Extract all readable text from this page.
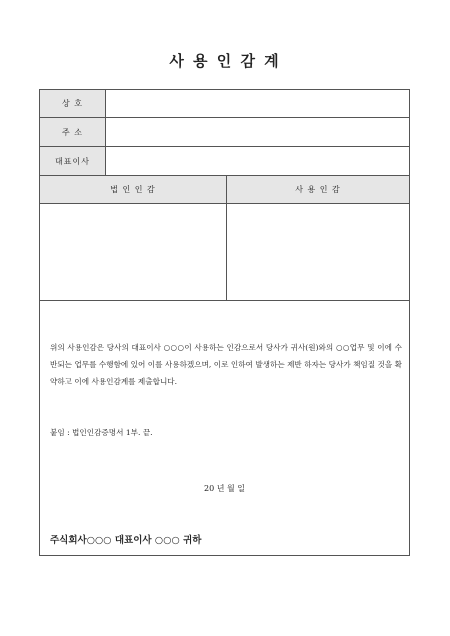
사 용 인 감 계
상 호
주 소
대표이사
법 인 인 감	사 용 인 감
위의 사용인감은 당사의 대표이사 ○○○이 사용하는 인감으로서 당사가 귀사(원)와의 ○○업무 및 이에 수반되는 업무를 수행함에 있어 이를 사용하겠으며, 이로 인하여 발생하는 제반 하자는 당사가 책임질 것을 확약하고 이에 사용인감계를 제출합니다.
붙임 : 법인인감증명서 1부. 끝.
20 년 월 일
주식회사○○○ 대표이사 ○○○ 귀하
